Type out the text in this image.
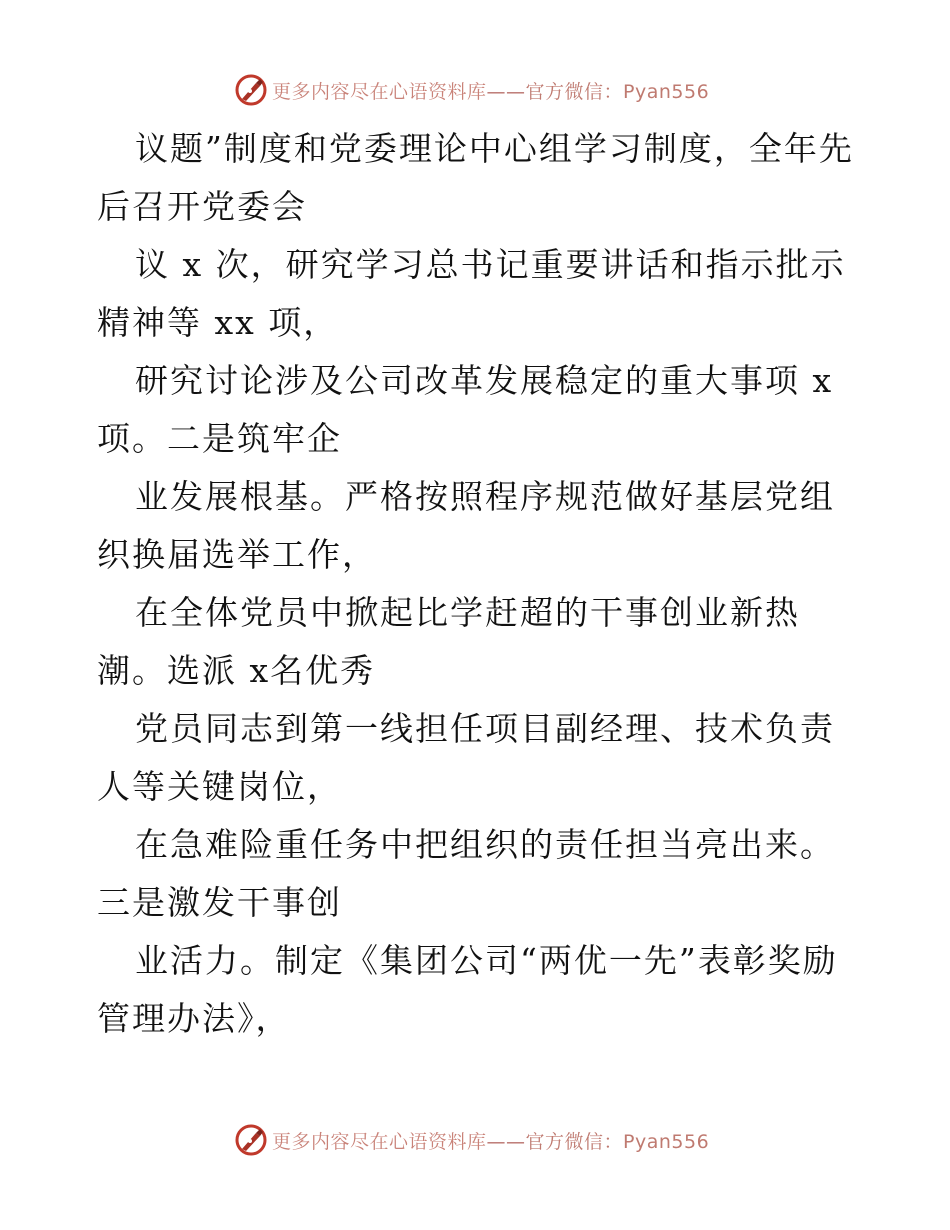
更多内容尽在心语资料库——官方微信：Pyan556

议题”制度和党委理论中心组学习制度，全年先后召开党委会

议 x 次，研究学习总书记重要讲话和指示批示精神等 xx 项，

研究讨论涉及公司改革发展稳定的重大事项 x 项。二是筑牢企

业发展根基。严格按照程序规范做好基层党组织换届选举工作，

在全体党员中掀起比学赶超的干事创业新热潮。选派 x名优秀

党员同志到第一线担任项目副经理、技术负责人等关键岗位，

在急难险重任务中把组织的责任担当亮出来。三是激发干事创

业活力。制定《集团公司“两优一先”表彰奖励管理办法》，

更多内容尽在心语资料库——官方微信：Pyan556
